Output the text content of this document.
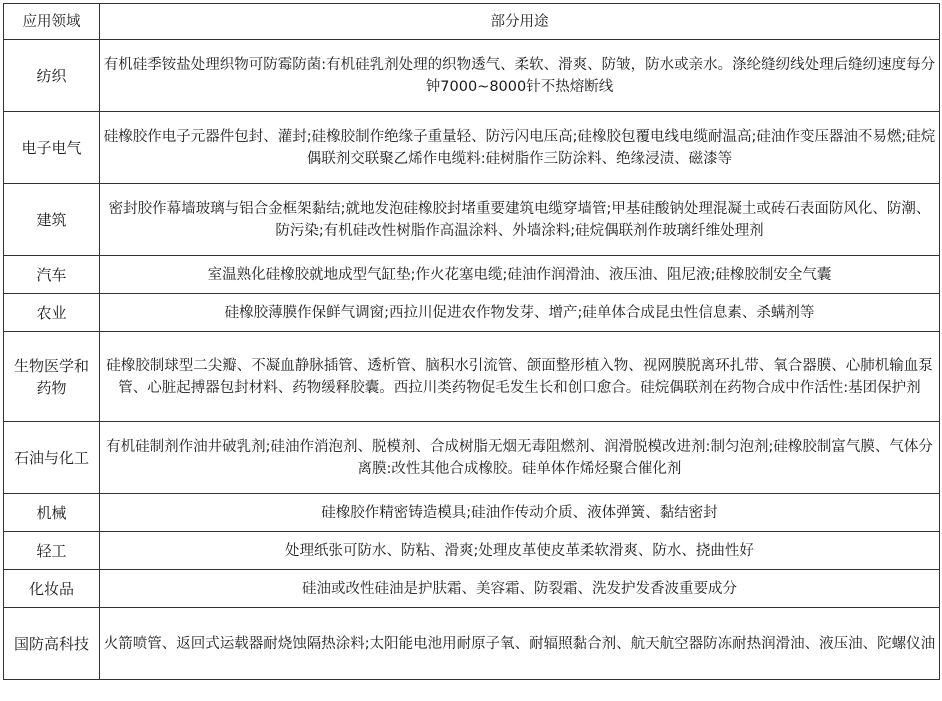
应用领域	部分用途
纺织	有机硅季铵盐处理织物可防霉防菌:有机硅乳剂处理的织物透气、柔软、滑爽、防皱，防水或亲水。涤纶缝纫线处理后缝纫速度每分钟7000~8000针不热熔断线
电子电气	硅橡胶作电子元器件包封、灌封;硅橡胶制作绝缘子重量轻、防污闪电压高;硅橡胶包覆电线电缆耐温高;硅油作变压器油不易燃;硅烷偶联剂交联聚乙烯作电缆料:硅树脂作三防涂料、绝缘浸渍、磁漆等
建筑	密封胶作幕墙玻璃与铝合金框架黏结;就地发泡硅橡胶封堵重要建筑电缆穿墙管;甲基硅酸钠处理混凝土或砖石表面防风化、防潮、防污染;有机硅改性树脂作高温涂料、外墙涂料;硅烷偶联剂作玻璃纤维处理剂
汽车	室温熟化硅橡胶就地成型气缸垫;作火花塞电缆;硅油作润滑油、液压油、阻尼液;硅橡胶制安全气囊
农业	硅橡胶薄膜作保鲜气调窗;西拉川促进农作物发芽、增产;硅单体合成昆虫性信息素、杀螨剂等
生物医学和药物	硅橡胶制球型二尖瓣、不凝血静脉插管、透析管、脑积水引流管、颌面整形植入物、视网膜脱离环扎带、氧合器膜、心肺机输血泵管、心脏起搏器包封材料、药物缓释胶囊。西拉川类药物促毛发生长和创口愈合。硅烷偶联剂在药物合成中作活性:基团保护剂
石油与化工	有机硅制剂作油井破乳剂;硅油作消泡剂、脱模剂、合成树脂无烟无毒阻燃剂、润滑脱模改进剂:制匀泡剂;硅橡胶制富气膜、气体分离膜:改性其他合成橡胶。硅单体作烯烃聚合催化剂
机械	硅橡胶作精密铸造模具;硅油作传动介质、液体弹簧、黏结密封
轻工	处理纸张可防水、防粘、滑爽;处理皮革使皮革柔软滑爽、防水、挠曲性好
化妆品	硅油或改性硅油是护肤霜、美容霜、防裂霜、洗发护发香波重要成分
国防高科技	火箭喷管、返回式运载器耐烧蚀隔热涂料;太阳能电池用耐原子氧、耐辐照黏合剂、航天航空器防冻耐热润滑油、液压油、陀螺仪油
